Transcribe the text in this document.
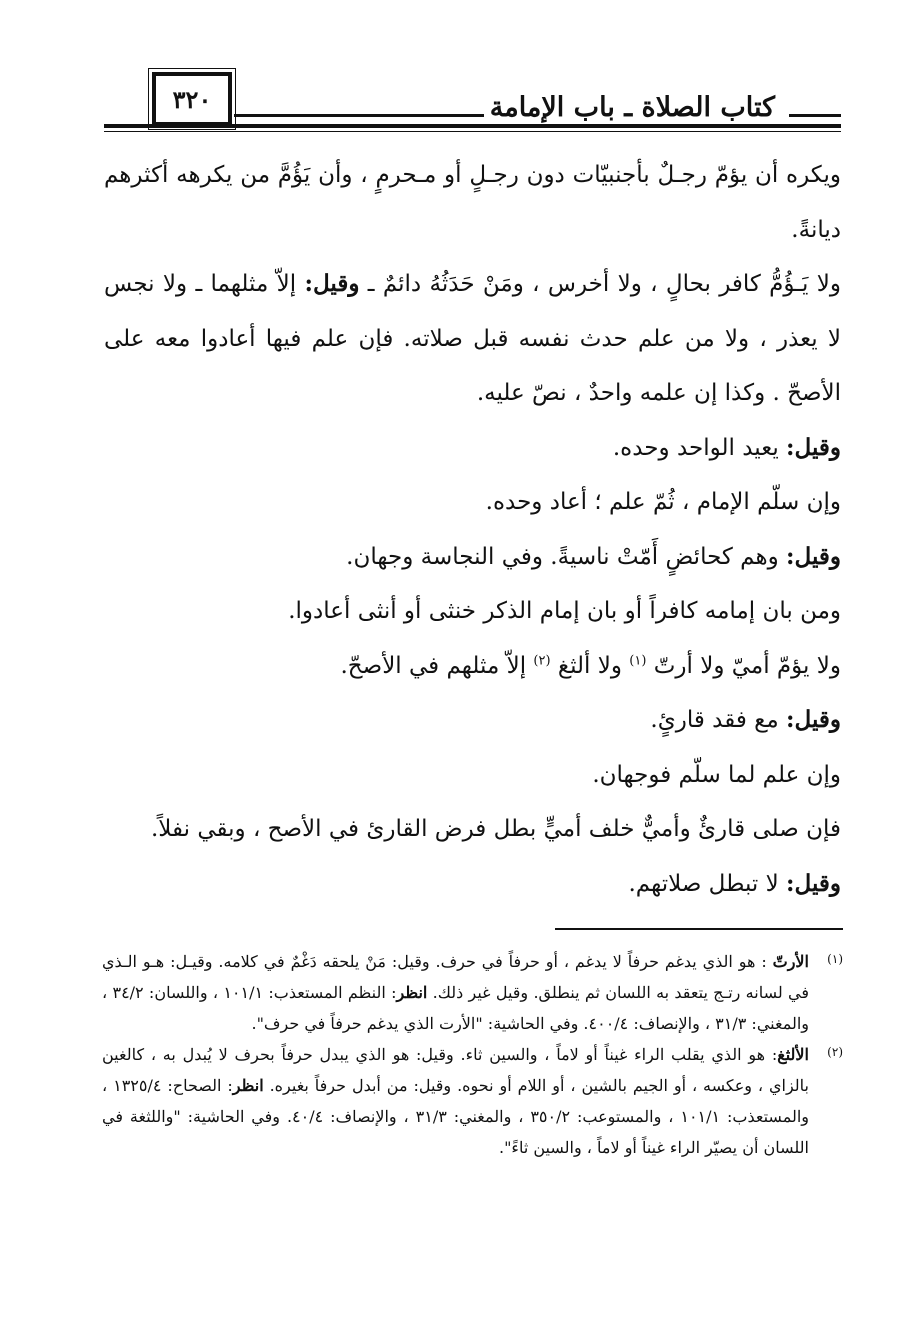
٣٢٠	كتاب الصلاة ـ باب الإمامة

ويكره أن يؤمّ رجـلٌ بأجنبيّات دون رجـلٍ أو مـحرمٍ ، وأن يَؤُمَّ من يكرهه أكثرهم ديانةً.

ولا يَـؤُمُّ كافر بحالٍ ، ولا أخرس ، ومَنْ حَدَثُهُ دائمٌ ـ وقيل: إلاّ مثلهما ـ ولا نجس لا يعذر ، ولا من علم حدث نفسه قبل صلاته. فإن علم فيها أعادوا معه على الأصحّ . وكذا إن علمه واحدٌ ، نصّ عليه.

وقيل: يعيد الواحد وحده.

وإن سلّم الإمام ، ثُمّ علم ؛ أعاد وحده.

وقيل: وهم كحائضٍ أَمّتْ ناسيةً. وفي النجاسة وجهان.

ومن بان إمامه كافراً أو بان إمام الذكر خنثى أو أنثى أعادوا.

ولا يؤمّ أميّ ولا أرتّ $^{(١)}$ ولا ألثغ $^{(٢)}$ إلاّ مثلهم في الأصحّ.

وقيل: مع فقد قارئٍ.

وإن علم لما سلّم فوجهان.

فإن صلى قارئٌ وأميٌّ خلف أميٍّ بطل فرض القارئ في الأصح ، وبقي نفلاً.

وقيل: لا تبطل صلاتهم.

(١)
الأرتّ : هو الذي يدغم حرفاً لا يدغم ، أو حرفاً في حرف. وقيل: مَنْ يلحقه دَغْمٌ في كلامه. وقيـل: هـو الـذي في لسانه رتـج يتعقد به اللسان ثم ينطلق. وقيل غير ذلك. انظر: النظم المستعذب: ١٠١/١ ، واللسان: ٣٤/٢ ، والمغني: ٣١/٣ ، والإنصاف: ٤٠٠/٤. وفي الحاشية: "الأرت الذي يدغم حرفاً في حرف".
(٢)
الألثغ: هو الذي يقلب الراء غيناً أو لاماً ، والسين ثاء. وقيل: هو الذي يبدل حرفاً بحرف لا يُبدل به ، كالغين بالزاي ، وعكسه ، أو الجيم بالشين ، أو اللام أو نحوه. وقيل: من أبدل حرفاً بغيره. انظر: الصحاح: ١٣٢٥/٤ ، والمستعذب: ١٠١/١ ، والمستوعب: ٣٥٠/٢ ، والمغني: ٣١/٣ ، والإنصاف: ٤٠/٤. وفي الحاشية: "واللثغة في اللسان أن يصيّر الراء غيناً أو لاماً ، والسين ثاءً".
